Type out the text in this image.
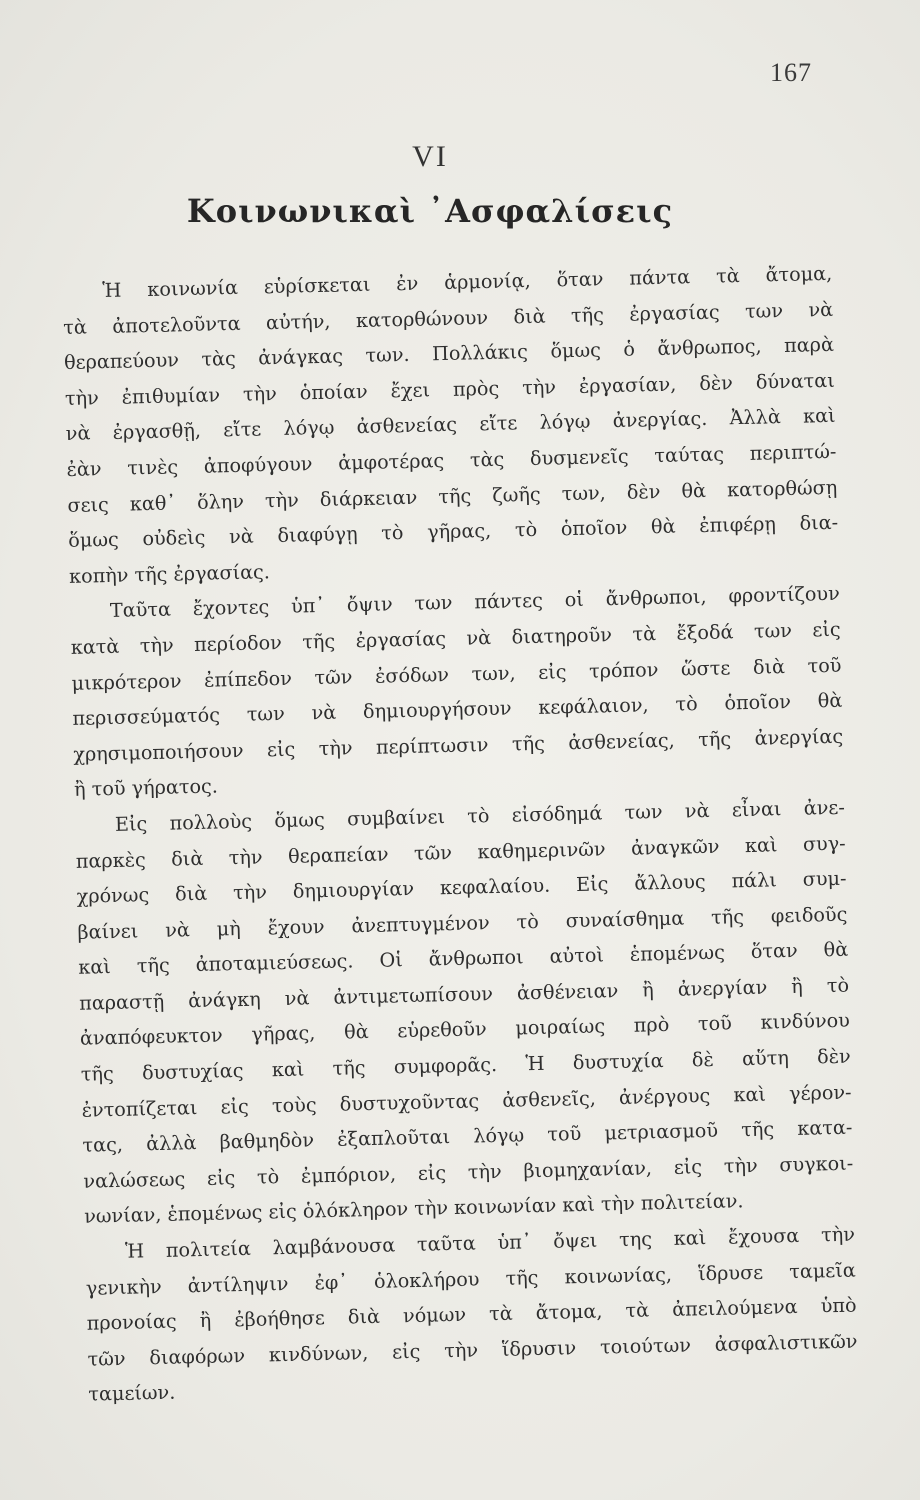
167
VI
Κοινωνικαὶ ᾿Ασφαλίσεις

Ἡ κοινωνία εὑρίσκεται ἐν ἁρμονίᾳ, ὅταν πάντα τὰ ἄτομα,
τὰ ἀποτελοῦντα αὐτήν, κατορθώνουν διὰ τῆς ἐργασίας των νὰ
θεραπεύουν τὰς ἀνάγκας των. Πολλάκις ὅμως ὁ ἄνθρωπος, παρὰ
τὴν ἐπιθυμίαν τὴν ὁποίαν ἔχει πρὸς τὴν ἐργασίαν, δὲν δύναται
νὰ ἐργασθῇ, εἴτε λόγῳ ἀσθενείας εἴτε λόγῳ ἀνεργίας. Ἀλλὰ καὶ
ἐὰν τινὲς ἀποφύγουν ἀμφοτέρας τὰς δυσμενεῖς ταύτας περιπτώ-
σεις καθ᾿ ὅλην τὴν διάρκειαν τῆς ζωῆς των, δὲν θὰ κατορθώσῃ
ὅμως οὐδεὶς νὰ διαφύγῃ τὸ γῆρας, τὸ ὁποῖον θὰ ἐπιφέρῃ δια-
κοπὴν τῆς ἐργασίας.

Ταῦτα ἔχοντες ὑπ᾿ ὄψιν των πάντες οἱ ἄνθρωποι, φροντίζουν
κατὰ τὴν περίοδον τῆς ἐργασίας νὰ διατηροῦν τὰ ἔξοδά των εἰς
μικρότερον ἐπίπεδον τῶν ἐσόδων των, εἰς τρόπον ὥστε διὰ τοῦ
περισσεύματός των νὰ δημιουργήσουν κεφάλαιον, τὸ ὁποῖον θὰ
χρησιμοποιήσουν εἰς τὴν περίπτωσιν τῆς ἀσθενείας, τῆς ἀνεργίας
ἢ τοῦ γήρατος.

Εἰς πολλοὺς ὅμως συμβαίνει τὸ εἰσόδημά των νὰ εἶναι ἀνε-
παρκὲς διὰ τὴν θεραπείαν τῶν καθημερινῶν ἀναγκῶν καὶ συγ-
χρόνως διὰ τὴν δημιουργίαν κεφαλαίου. Εἰς ἄλλους πάλι συμ-
βαίνει νὰ μὴ ἔχουν ἀνεπτυγμένον τὸ συναίσθημα τῆς φειδοῦς
καὶ τῆς ἀποταμιεύσεως. Οἱ ἄνθρωποι αὐτοὶ ἑπομένως ὅταν θὰ
παραστῇ ἀνάγκη νὰ ἀντιμετωπίσουν ἀσθένειαν ἢ ἀνεργίαν ἢ τὸ
ἀναπόφευκτον γῆρας, θὰ εὑρεθοῦν μοιραίως πρὸ τοῦ κινδύνου
τῆς δυστυχίας καὶ τῆς συμφορᾶς. Ἡ δυστυχία δὲ αὕτη δὲν
ἐντοπίζεται εἰς τοὺς δυστυχοῦντας ἀσθενεῖς, ἀνέργους καὶ γέρον-
τας, ἀλλὰ βαθμηδὸν ἐξαπλοῦται λόγῳ τοῦ μετριασμοῦ τῆς κατα-
ναλώσεως εἰς τὸ ἐμπόριον, εἰς τὴν βιομηχανίαν, εἰς τὴν συγκοι-
νωνίαν, ἑπομένως εἰς ὁλόκληρον τὴν κοινωνίαν καὶ τὴν πολιτείαν.

Ἡ πολιτεία λαμβάνουσα ταῦτα ὑπ᾿ ὄψει της καὶ ἔχουσα τὴν
γενικὴν ἀντίληψιν ἐφ᾿ ὁλοκλήρου τῆς κοινωνίας, ἵδρυσε ταμεῖα
προνοίας ἢ ἐβοήθησε διὰ νόμων τὰ ἄτομα, τὰ ἀπειλούμενα ὑπὸ
τῶν διαφόρων κινδύνων, εἰς τὴν ἵδρυσιν τοιούτων ἀσφαλιστικῶν
ταμείων.
